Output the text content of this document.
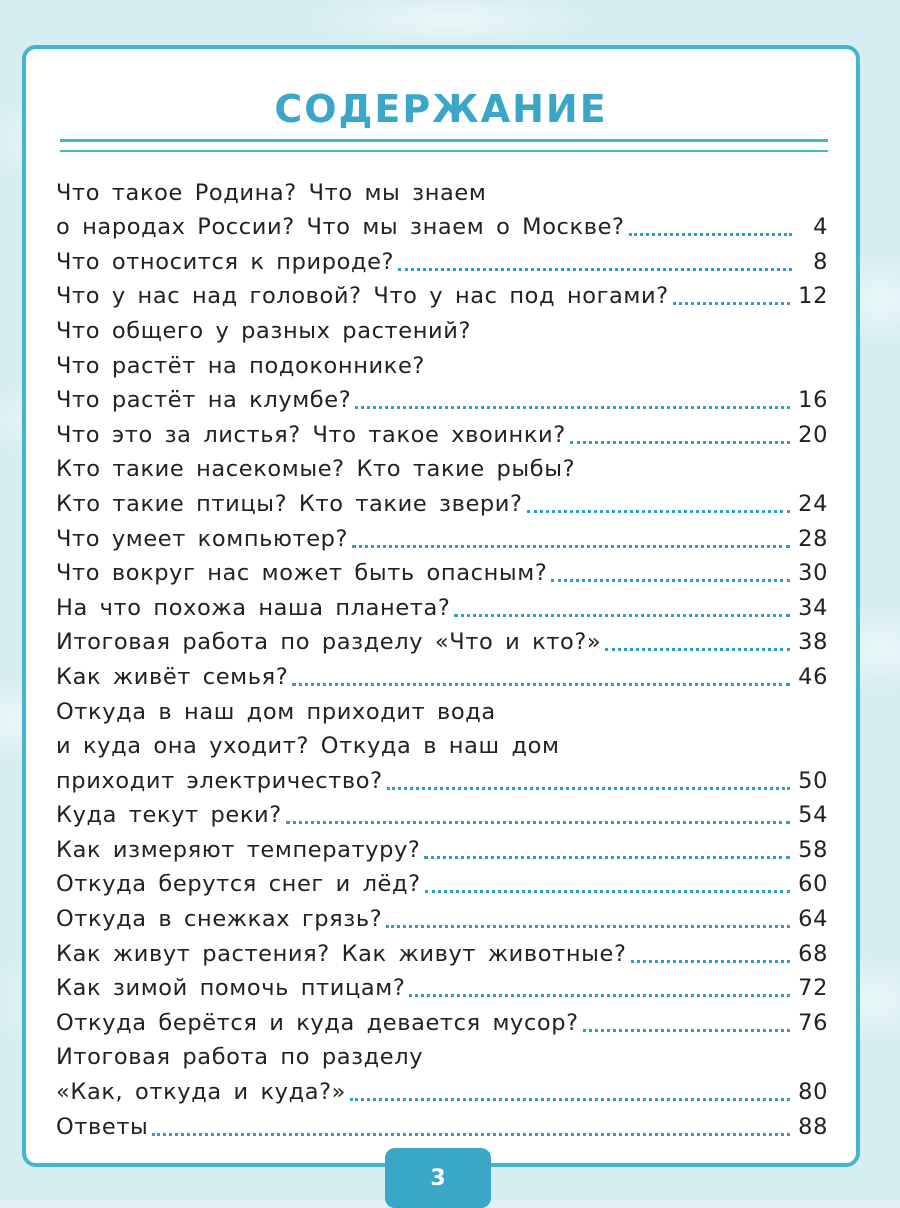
СОДЕРЖАНИЕ
Что такое Родина? Что мы знаем
о народах России? Что мы знаем о Москве?	4
Что относится к природе?	8
Что у нас над головой? Что у нас под ногами?	12
Что общего у разных растений?
Что растёт на подоконнике?
Что растёт на клумбе?	16
Что это за листья? Что такое хвоинки?	20
Кто такие насекомые? Кто такие рыбы?
Кто такие птицы? Кто такие звери?	24
Что умеет компьютер?	28
Что вокруг нас может быть опасным?	30
На что похожа наша планета?	34
Итоговая работа по разделу «Что и кто?»	38
Как живёт семья?	46
Откуда в наш дом приходит вода
и куда она уходит? Откуда в наш дом
приходит электричество?	50
Куда текут реки?	54
Как измеряют температуру?	58
Откуда берутся снег и лёд?	60
Откуда в снежках грязь?	64
Как живут растения? Как живут животные?	68
Как зимой помочь птицам?	72
Откуда берётся и куда девается мусор?	76
Итоговая работа по разделу
«Как, откуда и куда?»	80
Ответы	88
3
